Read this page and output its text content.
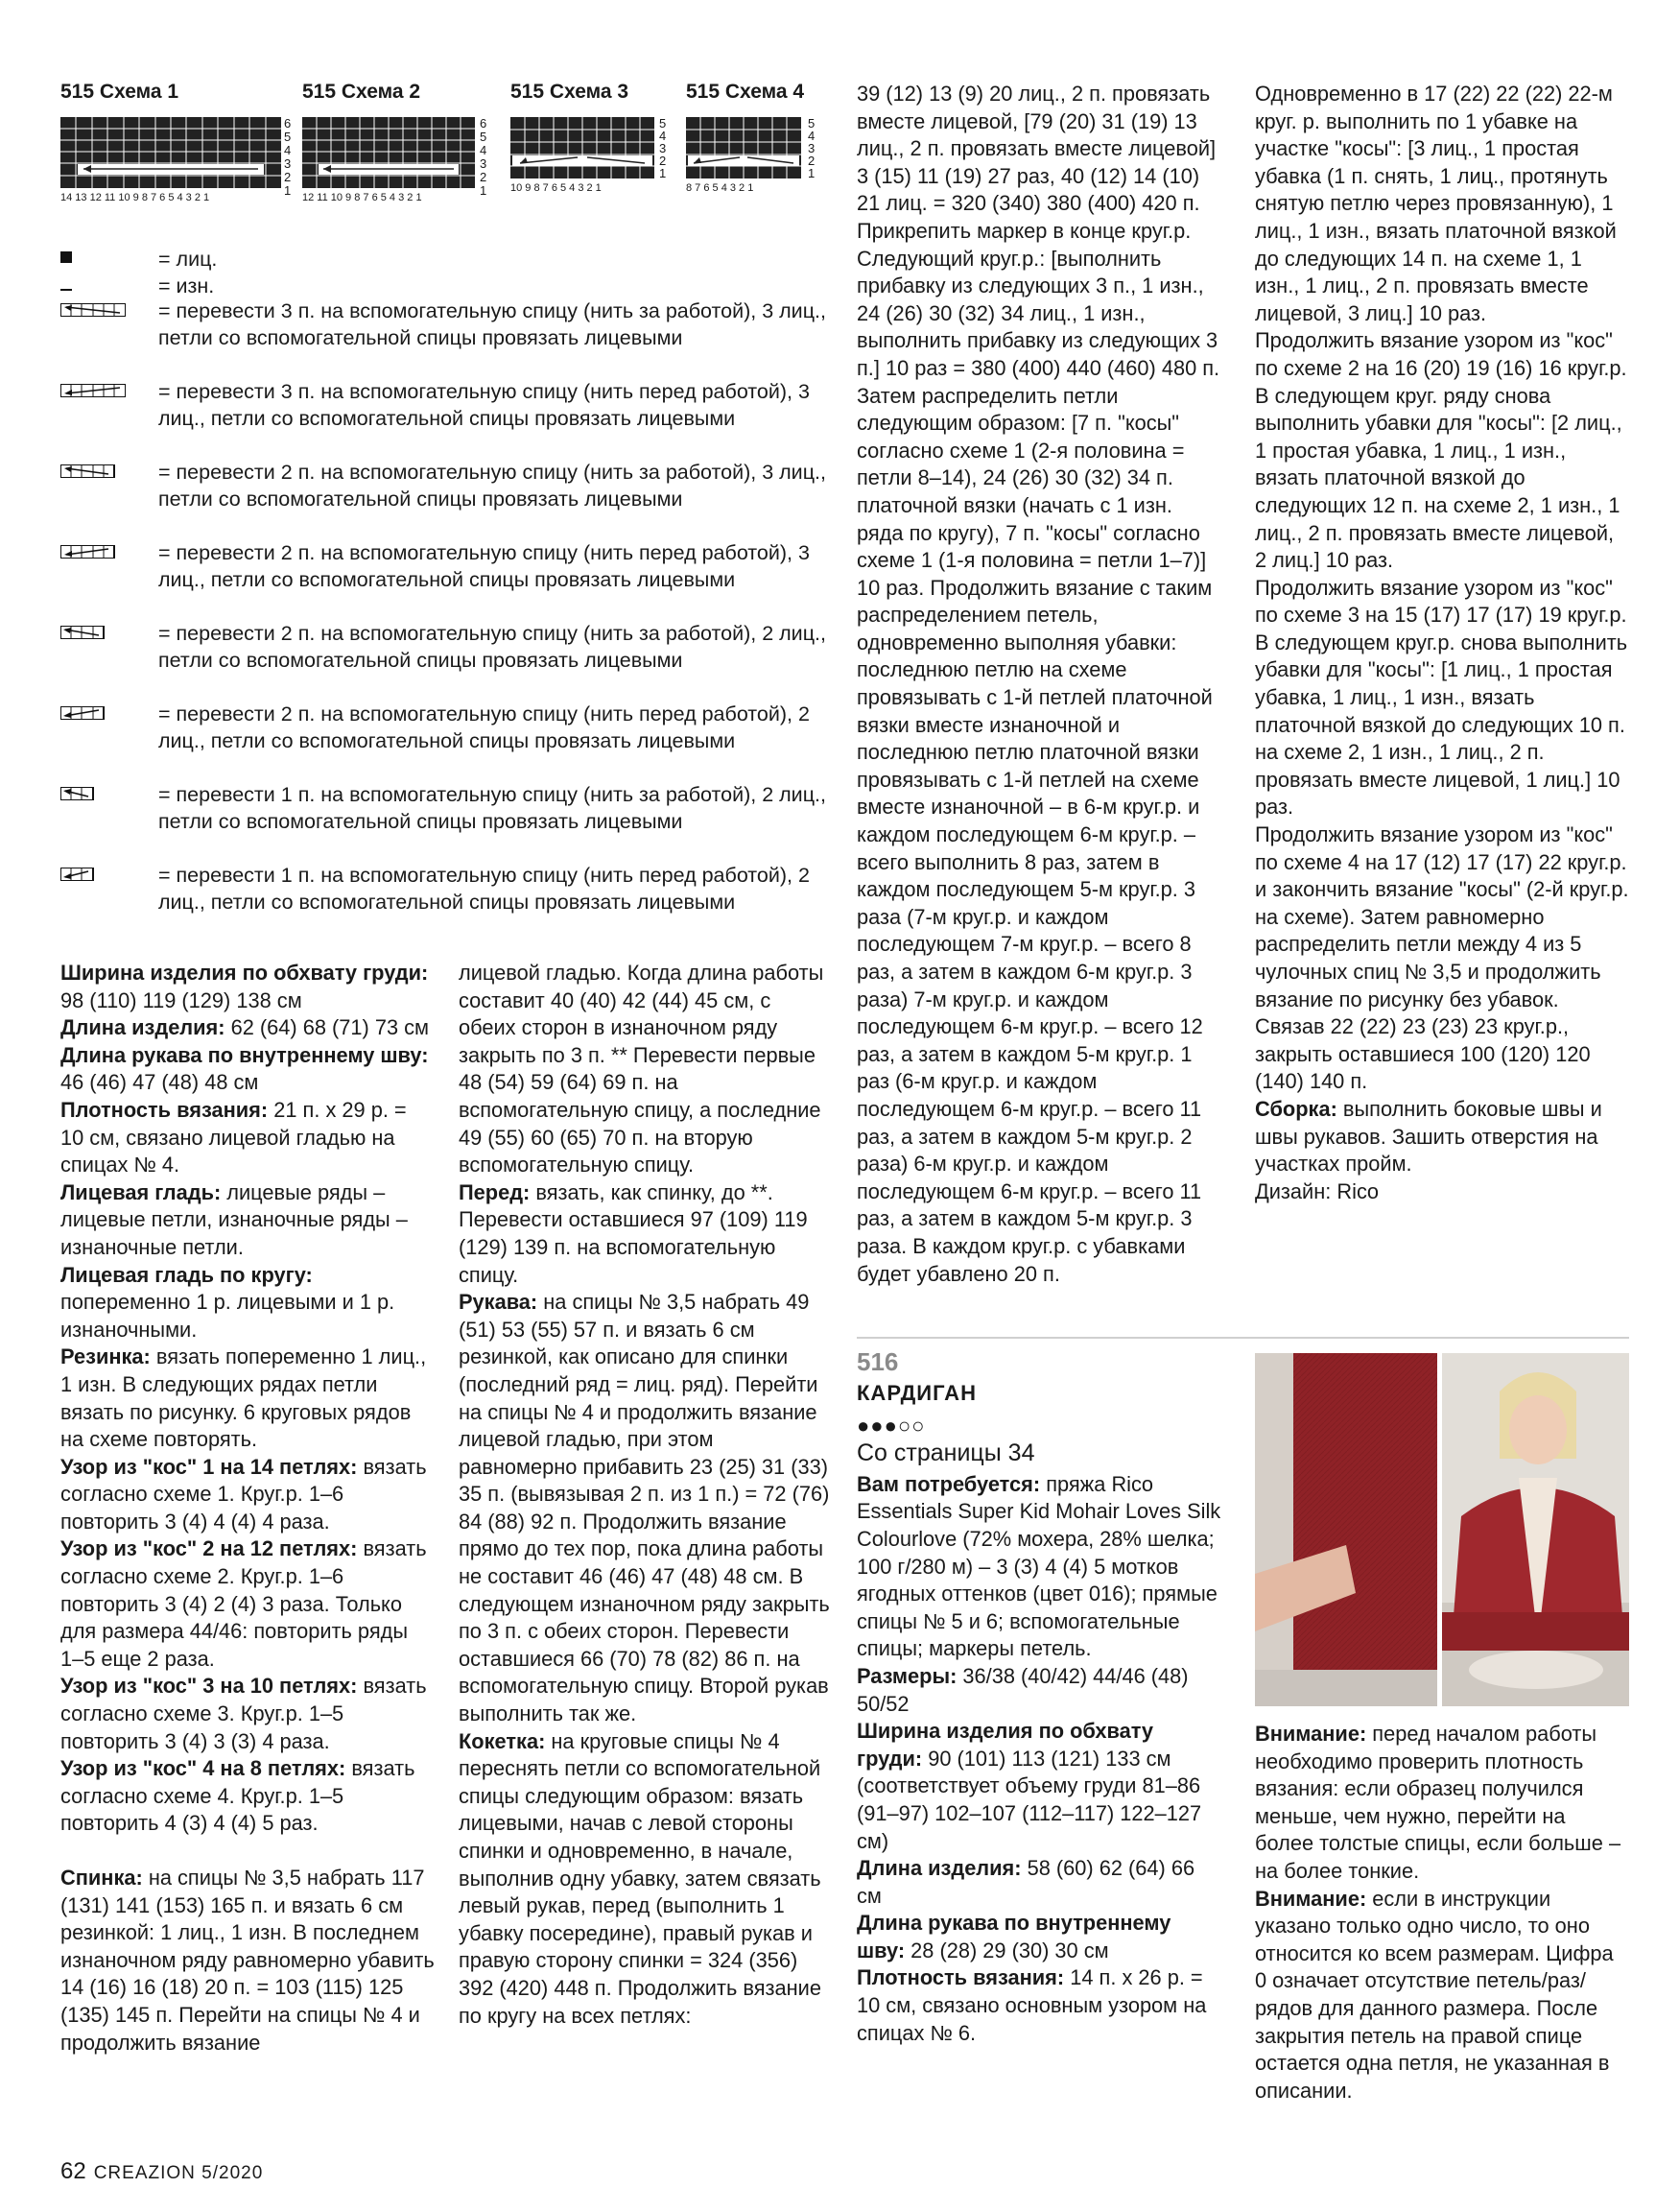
515 Схема 1
6
5
4
3
2
1
14 13 12 11 10 9 8 7 6 5 4 3 2 1
515 Схема 2
6
5
4
3
2
1
12 11 10 9 8 7 6 5 4 3 2 1
515 Схема 3
5
4
3
2
1
10 9 8 7 6 5 4 3 2 1
515 Схема 4
5
4
3
2
1
8 7 6 5 4 3 2 1
= лиц.
= изн.
= перевести 3 п. на вспомогательную спицу (нить за работой), 3 лиц., петли со вспомогательной спицы провязать лицевыми
= перевести 3 п. на вспомогательную спицу (нить перед работой), 3 лиц., петли со вспомогательной спицы провязать лицевыми
= перевести 2 п. на вспомогательную спицу (нить за работой), 3 лиц., петли со вспомогательной спицы провязать лицевыми
= перевести 2 п. на вспомогательную спицу (нить перед работой), 3 лиц., петли со вспомогательной спицы провязать лицевыми
= перевести 2 п. на вспомогательную спицу (нить за работой), 2 лиц., петли со вспомогательной спицы провязать лицевыми
= перевести 2 п. на вспомогательную спицу (нить перед работой), 2 лиц., петли со вспомогательной спицы провязать лицевыми
= перевести 1 п. на вспомогательную спицу (нить за работой), 2 лиц., петли со вспомогательной спицы провязать лицевыми
= перевести 1 п. на вспомогательную спицу (нить перед работой), 2 лиц., петли со вспомогательной спицы провязать лицевыми

Ширина изделия по обхвату груди: 98 (110) 119 (129) 138 см

Длина изделия: 62 (64) 68 (71) 73 см

Длина рукава по внутреннему шву: 46 (46) 47 (48) 48 см

Плотность вязания: 21 п. х 29 р. = 10 см, связано лицевой гладью на спицах № 4.

Лицевая гладь: лицевые ряды – лицевые петли, изнаночные ряды – изнаночные петли.

Лицевая гладь по кругу: попеременно 1 р. лицевыми и 1 р. изнаночными.

Резинка: вязать попеременно 1 лиц., 1 изн. В следующих рядах петли вязать по рисунку. 6 круговых рядов на схеме повторять.

Узор из "кос" 1 на 14 петлях: вязать согласно схеме 1. Круг.р. 1–6 повторить 3 (4) 4 (4) 4 раза.

Узор из "кос" 2 на 12 петлях: вязать согласно схеме 2. Круг.р. 1–6 повторить 3 (4) 2 (4) 3 раза. Только для размера 44/46: повторить ряды 1–5 еще 2 раза.

Узор из "кос" 3 на 10 петлях: вязать согласно схеме 3. Круг.р. 1–5 повторить 3 (4) 3 (3) 4 раза.

Узор из "кос" 4 на 8 петлях: вязать согласно схеме 4. Круг.р. 1–5 повторить 4 (3) 4 (4) 5 раз.

Спинка: на спицы № 3,5 набрать 117 (131) 141 (153) 165 п. и вязать 6 см резинкой: 1 лиц., 1 изн. В последнем изнаночном ряду равномерно убавить 14 (16) 16 (18) 20 п. = 103 (115) 125 (135) 145 п. Перейти на спицы № 4 и продолжить вязание

лицевой гладью. Когда длина работы составит 40 (40) 42 (44) 45 см, с обеих сторон в изнаночном ряду закрыть по 3 п. ** Перевести первые 48 (54) 59 (64) 69 п. на вспомогательную спицу, а последние 49 (55) 60 (65) 70 п. на вторую вспомогательную спицу.

Перед: вязать, как спинку, до **. Перевести оставшиеся 97 (109) 119 (129) 139 п. на вспомогательную спицу.

Рукава: на спицы № 3,5 набрать 49 (51) 53 (55) 57 п. и вязать 6 см резинкой, как описано для спинки (последний ряд = лиц. ряд). Перейти на спицы № 4 и продолжить вязание лицевой гладью, при этом равномерно прибавить 23 (25) 31 (33) 35 п. (вывязывая 2 п. из 1 п.) = 72 (76) 84 (88) 92 п. Продолжить вязание прямо до тех пор, пока длина работы не составит 46 (46) 47 (48) 48 см. В следующем изнаночном ряду закрыть по 3 п. с обеих сторон. Перевести оставшиеся 66 (70) 78 (82) 86 п. на вспомогательную спицу. Второй рукав выполнить так же.

Кокетка: на круговые спицы № 4 переснять петли со вспомогательной спицы следующим образом: вязать лицевыми, начав с левой стороны спинки и одновременно, в начале, выполнив одну убавку, затем связать левый рукав, перед (выполнить 1 убавку посередине), правый рукав и правую сторону спинки = 324 (356) 392 (420) 448 п. Продолжить вязание по кругу на всех петлях:

39 (12) 13 (9) 20 лиц., 2 п. провязать вместе лицевой, [79 (20) 31 (19) 13 лиц., 2 п. провязать вместе лицевой] 3 (15) 11 (19) 27 раз, 40 (12) 14 (10) 21 лиц. = 320 (340) 380 (400) 420 п. Прикрепить маркер в конце круг.р. Следующий круг.р.: [выполнить прибавку из следующих 3 п., 1 изн., 24 (26) 30 (32) 34 лиц., 1 изн., выполнить прибавку из следующих 3 п.] 10 раз = 380 (400) 440 (460) 480 п. Затем распределить петли следующим образом: [7 п. "косы" согласно схеме 1 (2-я половина = петли 8–14), 24 (26) 30 (32) 34 п. платочной вязки (начать с 1 изн. ряда по кругу), 7 п. "косы" согласно схеме 1 (1-я половина = петли 1–7)] 10 раз. Продолжить вязание с таким распределением петель, одновременно выполняя убавки: последнюю петлю на схеме провязывать с 1-й петлей платочной вязки вместе изнаночной и последнюю петлю платочной вязки провязывать с 1-й петлей на схеме вместе изнаночной – в 6-м круг.р. и каждом последующем 6-м круг.р. – всего выполнить 8 раз, затем в каждом последующем 5-м круг.р. 3 раза (7-м круг.р. и каждом последующем 7-м круг.р. – всего 8 раз, а затем в каждом 6-м круг.р. 3 раза) 7-м круг.р. и каждом последующем 6-м круг.р. – всего 12 раз, а затем в каждом 5-м круг.р. 1 раз (6-м круг.р. и каждом последующем 6-м круг.р. – всего 11 раз, а затем в каждом 5-м круг.р. 2 раза) 6-м круг.р. и каждом последующем 6-м круг.р. – всего 11 раз, а затем в каждом 5-м круг.р. 3 раза. В каждом круг.р. с убавками будет убавлено 20 п.

Одновременно в 17 (22) 22 (22) 22-м круг. р. выполнить по 1 убавке на участке "косы": [3 лиц., 1 простая убавка (1 п. снять, 1 лиц., протянуть снятую петлю через провязанную), 1 лиц., 1 изн., вязать платочной вязкой до следующих 14 п. на схеме 1, 1 изн., 1 лиц., 2 п. провязать вместе лицевой, 3 лиц.] 10 раз.

Продолжить вязание узором из "кос" по схеме 2 на 16 (20) 19 (16) 16 круг.р. В следующем круг. ряду снова выполнить убавки для "косы": [2 лиц., 1 простая убавка, 1 лиц., 1 изн., вязать платочной вязкой до следующих 12 п. на схеме 2, 1 изн., 1 лиц., 2 п. провязать вместе лицевой, 2 лиц.] 10 раз.

Продолжить вязание узором из "кос" по схеме 3 на 15 (17) 17 (17) 19 круг.р. В следующем круг.р. снова выполнить убавки для "косы": [1 лиц., 1 простая убавка, 1 лиц., 1 изн., вязать платочной вязкой до следующих 10 п. на схеме 2, 1 изн., 1 лиц., 2 п. провязать вместе лицевой, 1 лиц.] 10 раз.

Продолжить вязание узором из "кос" по схеме 4 на 17 (12) 17 (17) 22 круг.р. и закончить вязание "косы" (2-й круг.р. на схеме). Затем равномерно распределить петли между 4 из 5 чулочных спиц № 3,5 и продолжить вязание по рисунку без убавок. Связав 22 (22) 23 (23) 23 круг.р., закрыть оставшиеся 100 (120) 120 (140) 140 п.

Сборка: выполнить боковые швы и швы рукавов. Зашить отверстия на участках пройм.

Дизайн: Rico

516
КАРДИГАН
●●●○○
Со страницы 34

Вам потребуется: пряжа Rico Essentials Super Kid Mohair Loves Silk Colourlove (72% мохера, 28% шелка; 100 г/280 м) – 3 (3) 4 (4) 5 мотков ягодных оттенков (цвет 016); прямые спицы № 5 и 6; вспомогательные спицы; маркеры петель.

Размеры: 36/38 (40/42) 44/46 (48) 50/52

Ширина изделия по обхвату груди: 90 (101) 113 (121) 133 см (соответствует объему груди 81–86 (91–97) 102–107 (112–117) 122–127 см)

Длина изделия: 58 (60) 62 (64) 66 см

Длина рукава по внутреннему шву: 28 (28) 29 (30) 30 см

Плотность вязания: 14 п. х 26 р. = 10 см, связано основным узором на спицах № 6.

Внимание: перед началом работы необходимо проверить плотность вязания: если образец получился меньше, чем нужно, перейти на более толстые спицы, если больше – на более тонкие.

Внимание: если в инструкции указано только одно число, то оно относится ко всем размерам. Цифра 0 означает отсутствие петель/раз/рядов для данного размера. После закрытия петель на правой спице остается одна петля, не указанная в описании.

62 CREAZION 5/2020
